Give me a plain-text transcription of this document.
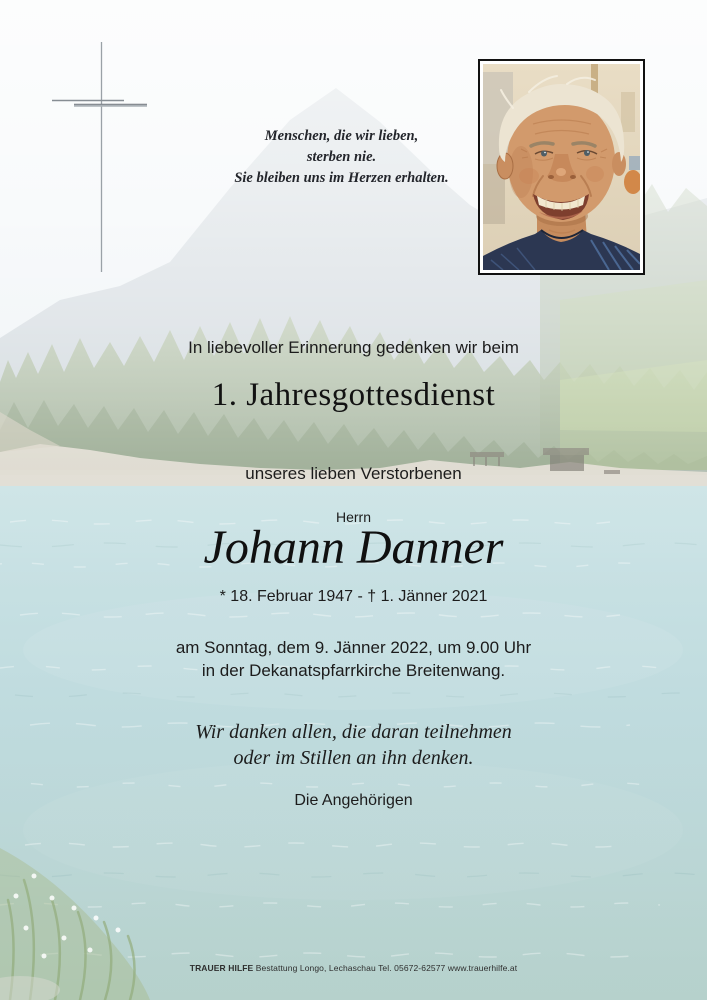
Menschen, die wir lieben,
sterben nie.
Sie bleiben uns im Herzen erhalten.
In liebevoller Erinnerung gedenken wir beim
1. Jahresgottesdienst
unseres lieben Verstorbenen
Herrn
Johann Danner
* 18. Februar 1947 - † 1. Jänner 2021
am Sonntag, dem 9. Jänner 2022, um 9.00 Uhr
in der Dekanatspfarrkirche Breitenwang.
Wir danken allen, die daran teilnehmen
oder im Stillen an ihn denken.
Die Angehörigen
TRAUER HILFE Bestattung Longo, Lechaschau Tel. 05672-62577 www.trauerhilfe.at
